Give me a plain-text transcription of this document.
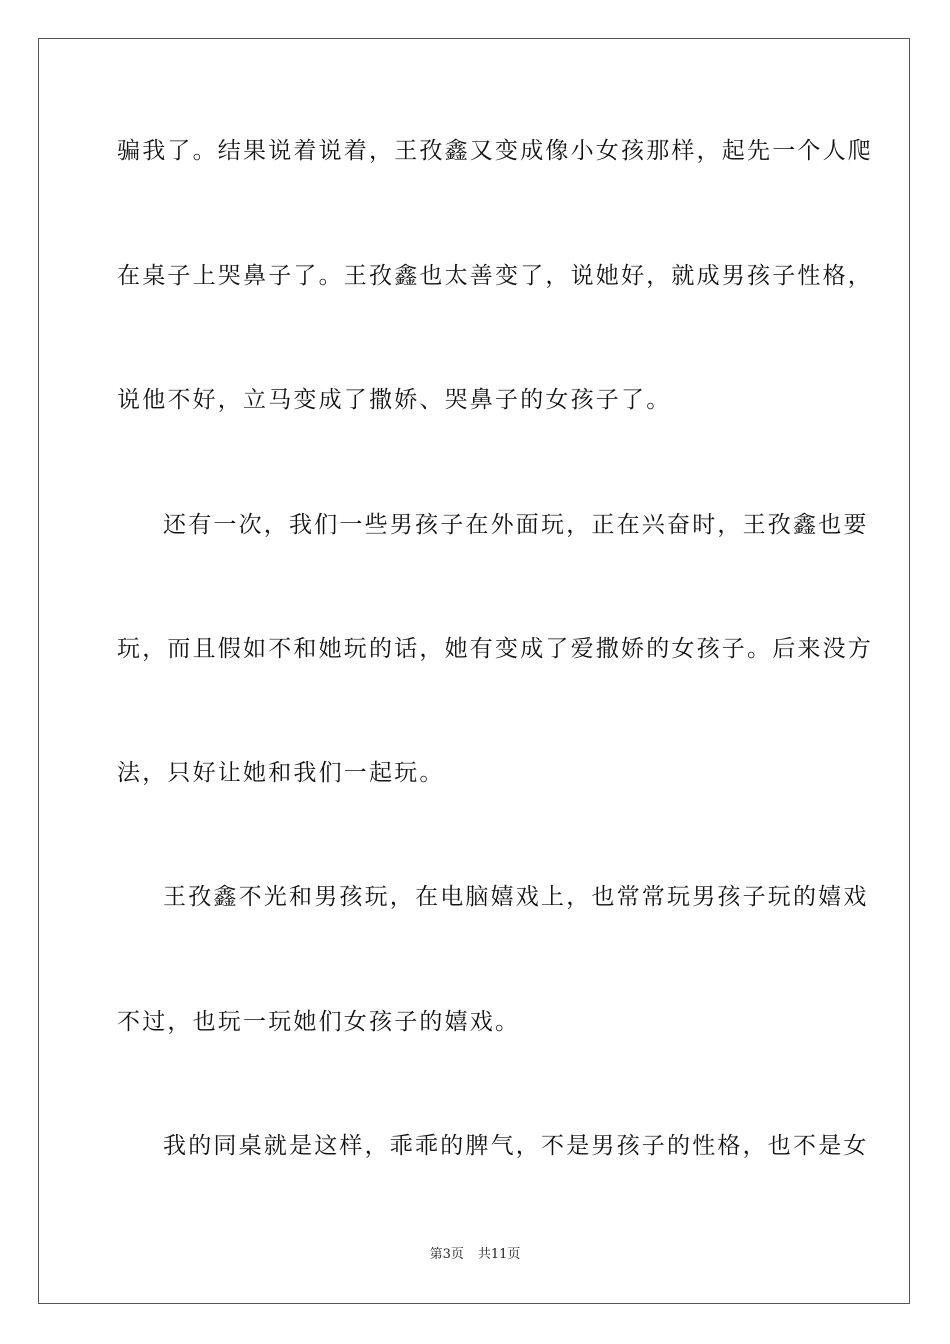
骗我了。结果说着说着，王孜鑫又变成像小女孩那样，起先一个人爬
在桌子上哭鼻子了。王孜鑫也太善变了，说她好，就成男孩子性格，
说他不好，立马变成了撒娇、哭鼻子的女孩子了。
还有一次，我们一些男孩子在外面玩，正在兴奋时，王孜鑫也要
玩，而且假如不和她玩的话，她有变成了爱撒娇的女孩子。后来没方
法，只好让她和我们一起玩。
王孜鑫不光和男孩玩，在电脑嬉戏上，也常常玩男孩子玩的嬉戏
不过，也玩一玩她们女孩子的嬉戏。
我的同桌就是这样，乖乖的脾气，不是男孩子的性格，也不是女
第3页 共11页
